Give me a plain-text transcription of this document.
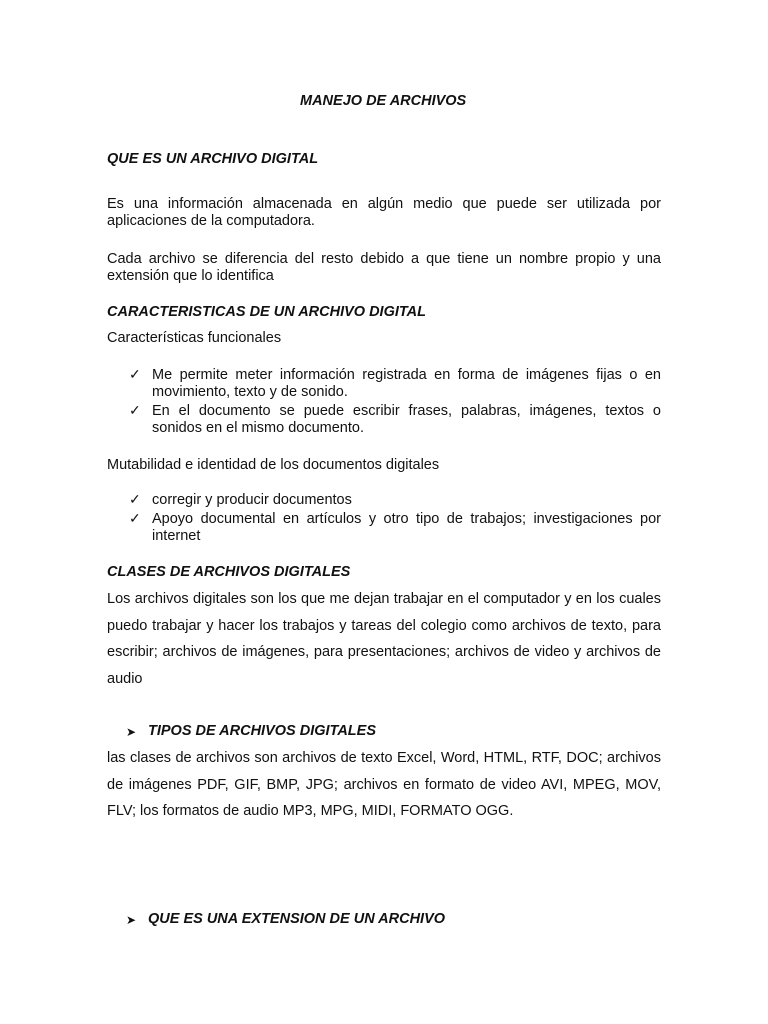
MANEJO DE ARCHIVOS

QUE ES UN ARCHIVO DIGITAL

Es una información almacenada en algún medio que puede ser utilizada por aplicaciones de la computadora.

Cada archivo se diferencia del resto debido a que tiene un nombre propio y una extensión que lo identifica

CARACTERISTICAS DE UN ARCHIVO DIGITAL

Características funcionales

✓ Me permite meter información registrada en forma de imágenes fijas o en movimiento, texto y de sonido.

✓ En el documento se puede escribir frases, palabras, imágenes, textos o sonidos en el mismo documento.

Mutabilidad e identidad de los documentos digitales

✓ corregir y producir documentos

✓ Apoyo documental en artículos y otro tipo de trabajos; investigaciones por internet

CLASES DE ARCHIVOS DIGITALES

Los archivos digitales son los que me dejan trabajar en el computador y en los cuales puedo trabajar y hacer los trabajos y tareas del colegio como archivos de texto, para escribir; archivos de imágenes, para presentaciones; archivos de video y archivos de audio

➤ TIPOS DE ARCHIVOS DIGITALES

las clases de archivos son archivos de texto Excel, Word, HTML, RTF, DOC; archivos de imágenes PDF, GIF, BMP, JPG; archivos en formato de video AVI, MPEG, MOV, FLV; los formatos de audio MP3, MPG, MIDI, FORMATO OGG.

➤ QUE ES UNA EXTENSION DE UN ARCHIVO
